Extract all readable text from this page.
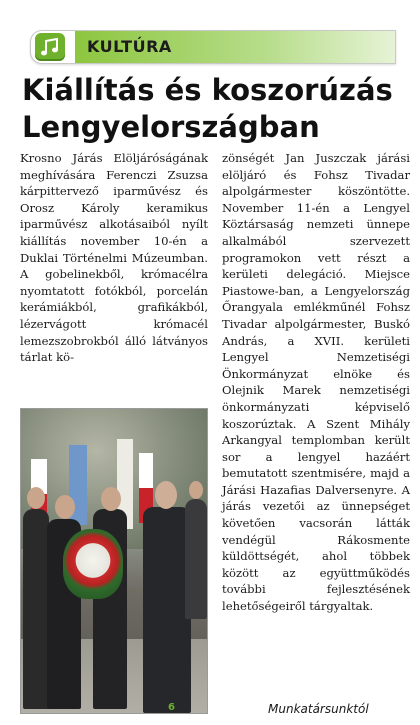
KULTÚRA
Kiállítás és koszorúzás
Lengyelországban

Krosno Járás Elöljáróságának meghívására Ferenczi Zsuzsa kárpittervező iparművész és Orosz Károly keramikus iparművész alkotásaiból nyílt kiállítás november 10-én a Duklai Történelmi Múzeumban. A gobelinekből, krómacélra nyomtatott fotókból, porcelán kerámiákból, grafikákból, lézervágott krómacél lemezszobrokból álló látványos tárlat kö-

zönségét Jan Juszczak járási elöljáró és Fohsz Tivadar alpolgármester köszöntötte. November 11-én a Lengyel Köztársaság nemzeti ünnepe alkalmából szervezett programokon vett részt a kerületi delegáció. Miejsce Piastowe-ban, a Lengyelország Őrangyala emlékműnél Fohsz Tivadar alpolgármester, Buskó András, a XVII. kerületi Lengyel Nemzetiségi Önkormányzat elnöke és Olejnik Marek nemzetiségi önkormányzati képviselő koszorúztak. A Szent Mihály Arkangyal templomban került sor a lengyel hazáért bemutatott szentmisére, majd a Járási Hazafias Dalversenyre. A járás vezetői az ünnepséget követően vacsorán látták vendégül Rákosmente küldöttségét, ahol többek között az együttműködés további fejlesztésének lehetőségeiről tárgyaltak.

6	Munkatársunktól
